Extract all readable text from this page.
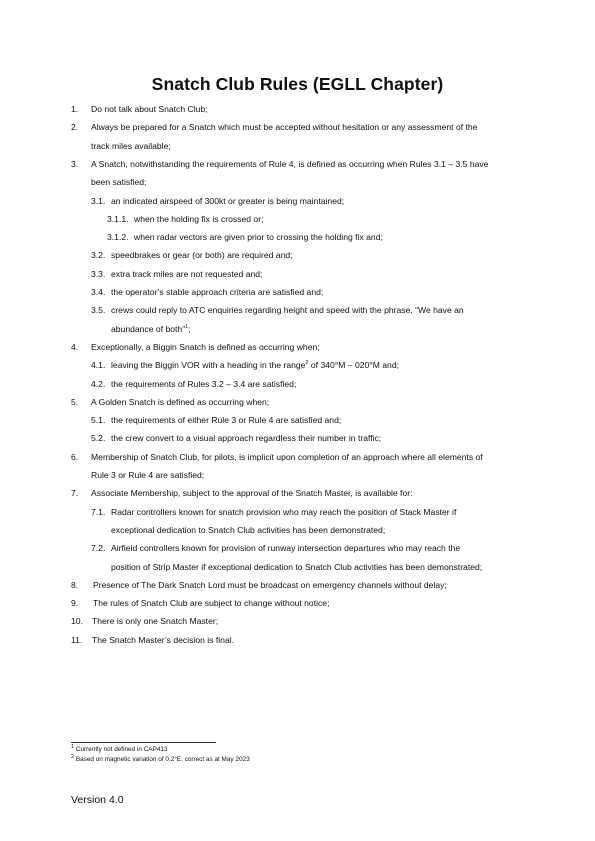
Snatch Club Rules (EGLL Chapter)
1. Do not talk about Snatch Club;
2. Always be prepared for a Snatch which must be accepted without hesitation or any assessment of the
track miles available;
3. A Snatch, notwithstanding the requirements of Rule 4, is defined as occurring when Rules 3.1 – 3.5 have
been satisfied;
3.1. an indicated airspeed of 300kt or greater is being maintained;
3.1.1. when the holding fix is crossed or;
3.1.2. when radar vectors are given prior to crossing the holding fix and;
3.2. speedbrakes or gear (or both) are required and;
3.3. extra track miles are not requested and;
3.4. the operator’s stable approach criteria are satisfied and;
3.5. crews could reply to ATC enquiries regarding height and speed with the phrase, “We have an
abundance of both”$^1$;
4. Exceptionally, a Biggin Snatch is defined as occurring when;
4.1. leaving the Biggin VOR with a heading in the range$^2$ of 340°M – 020°M and;
4.2. the requirements of Rules 3.2 – 3.4 are satisfied;
5. A Golden Snatch is defined as occurring when;
5.1. the requirements of either Rule 3 or Rule 4 are satisfied and;
5.2. the crew convert to a visual approach regardless their number in traffic;
6. Membership of Snatch Club, for pilots, is implicit upon completion of an approach where all elements of
Rule 3 or Rule 4 are satisfied;
7. Associate Membership, subject to the approval of the Snatch Master, is available for:
7.1. Radar controllers known for snatch provision who may reach the position of Stack Master if
exceptional dedication to Snatch Club activities has been demonstrated;
7.2. Airfield controllers known for provision of runway intersection departures who may reach the
position of Strip Master if exceptional dedication to Snatch Club activities has been demonstrated;
8. Presence of The Dark Snatch Lord must be broadcast on emergency channels without delay;
9. The rules of Snatch Club are subject to change without notice;
10. There is only one Snatch Master;
11. The Snatch Master’s decision is final.
$^1$ Currently not defined in CAP413
$^2$ Based on magnetic variation of 0.2°E, correct as at May 2023
Version 4.0
